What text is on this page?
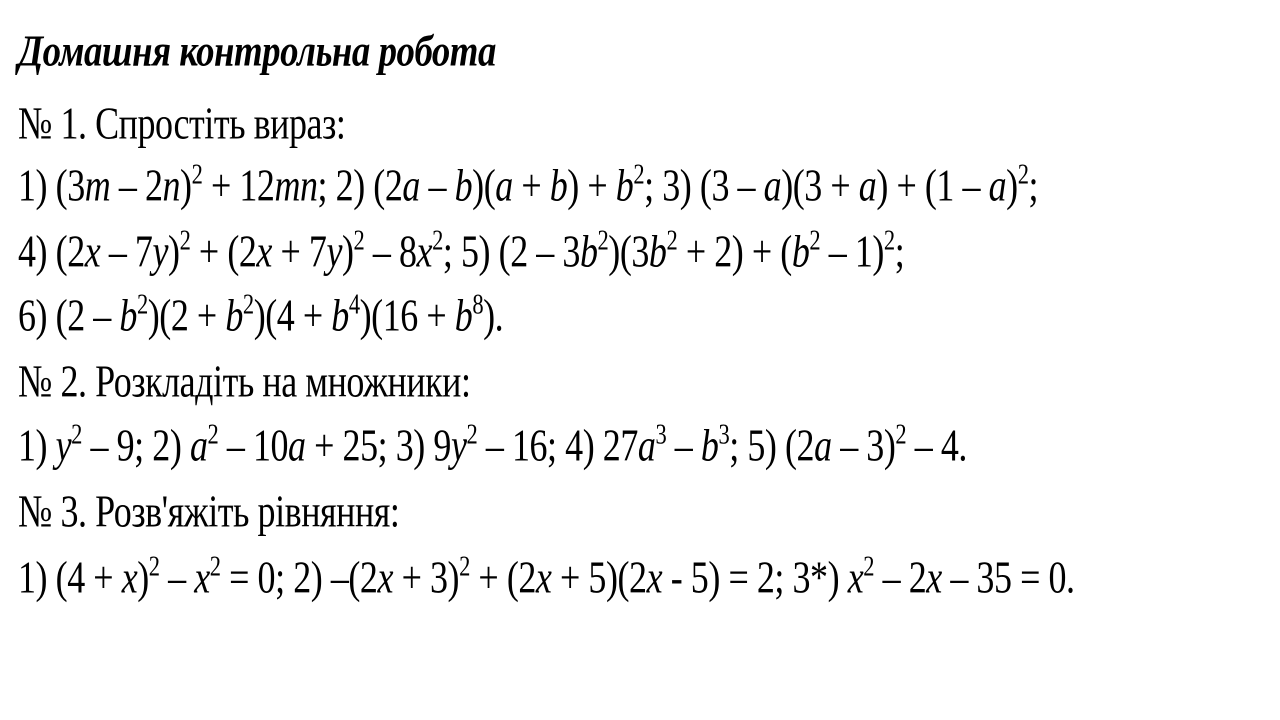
Домашня контрольна робота
№ 1. Спростіть вираз:
1) (3m – 2n)$^2$ + 12mn; 2) $(2a - b)(a + b) + b^2$; 3) (3 – a)(3 + a) + (1 – a)$^2$;
4) $(2x - 7y)^2 + (2x + 7y)^2 - 8x^2$; 5) $(2 - 3b^2)(3b^2 + 2) + (b^2 - 1)^2$;
6) $(2 - b^2)(2 + b^2)(4 + b^4)(16 + b^8)$.
№ 2. Розкладіть на множники:
1) $y^2 - 9$; 2) $a^2 - 10a + 25$; 3) $9y^2 - 16$; 4) $27a^3 - b^3$; 5) (2a – 3)$^2$ – 4.
№ 3. Розв'яжіть рівняння:
1) $(4 + x)^2 - x^2 = 0$; 2) $-(2x + 3)^2 + (2x + 5)(2x - 5) = 2$; 3*) $x^2 - 2x - 35 = 0$.
